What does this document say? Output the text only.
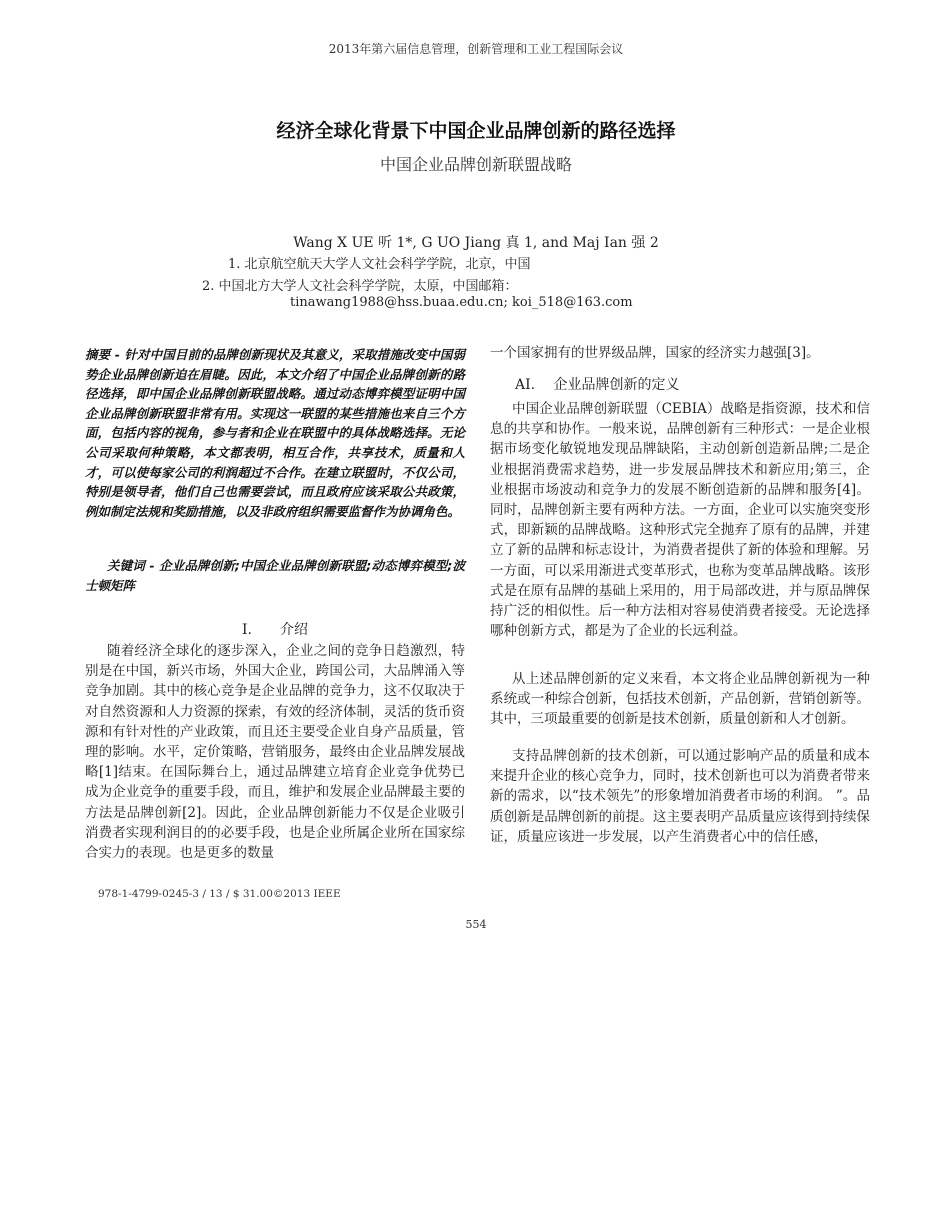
2013年第六届信息管理，创新管理和工业工程国际会议
经济全球化背景下中国企业品牌创新的路径选择
中国企业品牌创新联盟战略
Wang X UE 听 1*, G UO Jiang 真 1, and Maj Ian 强 2
1. 北京航空航天大学人文社会科学学院，北京，中国
2. 中国北方大学人文社会科学学院，太原，中国邮箱：
tinawang1988@hss.buaa.edu.cn; koi_518@163.com
摘要 - 针对中国目前的品牌创新现状及其意义，采取措施改变中国弱势企业品牌创新迫在眉睫。因此，本文介绍了中国企业品牌创新的路径选择，即中国企业品牌创新联盟战略。通过动态博弈模型证明中国企业品牌创新联盟非常有用。实现这一联盟的某些措施也来自三个方面，包括内容的视角，参与者和企业在联盟中的具体战略选择。无论公司采取何种策略，本文都表明，相互合作，共享技术，质量和人才，可以使每家公司的利润超过不合作。在建立联盟时，不仅公司，特别是领导者，他们自己也需要尝试，而且政府应该采取公共政策，例如制定法规和奖励措施，以及非政府组织需要监督作为协调角色。
关键词 - 企业品牌创新;中国企业品牌创新联盟;动态博弈模型;波士顿矩阵
I.　　介绍
随着经济全球化的逐步深入，企业之间的竞争日趋激烈，特别是在中国，新兴市场，外国大企业，跨国公司，大品牌涌入等竞争加剧。其中的核心竞争是企业品牌的竞争力，这不仅取决于对自然资源和人力资源的探索，有效的经济体制，灵活的货币资源和有针对性的产业政策，而且还主要受企业自身产品质量，管理的影响。水平，定价策略，营销服务，最终由企业品牌发展战略[1]结束。在国际舞台上，通过品牌建立培育企业竞争优势已成为企业竞争的重要手段，而且，维护和发展企业品牌最主要的方法是品牌创新[2]。因此，企业品牌创新能力不仅是企业吸引消费者实现利润目的的必要手段，也是企业所属企业所在国家综合实力的表现。也是更多的数量
978-1-4799-0245-3 / 13 / $ 31.00©2013 IEEE
一个国家拥有的世界级品牌，国家的经济实力越强[3]。
AI.　 企业品牌创新的定义
中国企业品牌创新联盟（CEBIA）战略是指资源，技术和信息的共享和协作。一般来说，品牌创新有三种形式：一是企业根据市场变化敏锐地发现品牌缺陷，主动创新创造新品牌;二是企业根据消费需求趋势，进一步发展品牌技术和新应用;第三，企业根据市场波动和竞争力的发展不断创造新的品牌和服务[4]。同时，品牌创新主要有两种方法。一方面，企业可以实施突变形式，即新颖的品牌战略。这种形式完全抛弃了原有的品牌，并建立了新的品牌和标志设计，为消费者提供了新的体验和理解。另一方面，可以采用渐进式变革形式，也称为变革品牌战略。该形式是在原有品牌的基础上采用的，用于局部改进，并与原品牌保持广泛的相似性。后一种方法相对容易使消费者接受。无论选择哪种创新方式，都是为了企业的长远利益。
从上述品牌创新的定义来看，本文将企业品牌创新视为一种系统或一种综合创新，包括技术创新，产品创新，营销创新等。其中，三项最重要的创新是技术创新，质量创新和人才创新。
支持品牌创新的技术创新，可以通过影响产品的质量和成本来提升企业的核心竞争力，同时，技术创新也可以为消费者带来新的需求，以“技术领先”的形象增加消费者市场的利润。 ”。品质创新是品牌创新的前提。这主要表明产品质量应该得到持续保证，质量应该进一步发展，以产生消费者心中的信任感，
554
